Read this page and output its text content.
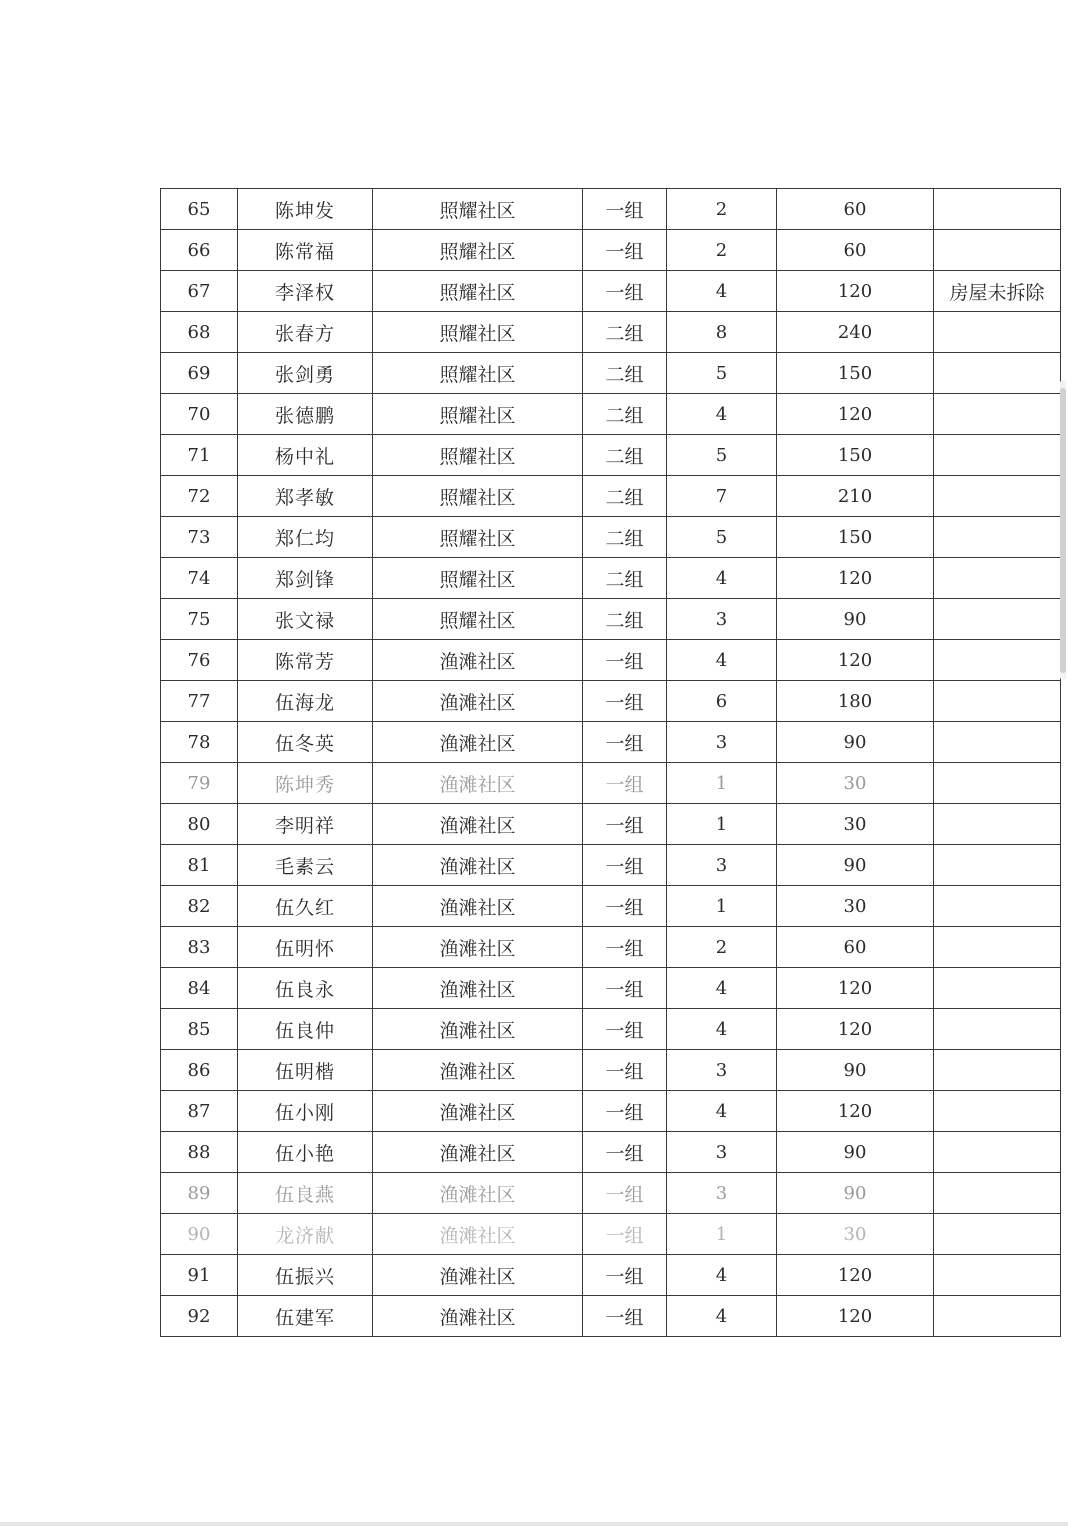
65	陈坤发	照耀社区	一组	2	60	
66	陈常福	照耀社区	一组	2	60	
67	李泽权	照耀社区	一组	4	120	房屋未拆除
68	张春方	照耀社区	二组	8	240	
69	张剑勇	照耀社区	二组	5	150	
70	张德鹏	照耀社区	二组	4	120	
71	杨中礼	照耀社区	二组	5	150	
72	郑孝敏	照耀社区	二组	7	210	
73	郑仁均	照耀社区	二组	5	150	
74	郑剑锋	照耀社区	二组	4	120	
75	张文禄	照耀社区	二组	3	90	
76	陈常芳	渔滩社区	一组	4	120	
77	伍海龙	渔滩社区	一组	6	180	
78	伍冬英	渔滩社区	一组	3	90	
79	陈坤秀	渔滩社区	一组	1	30	
80	李明祥	渔滩社区	一组	1	30	
81	毛素云	渔滩社区	一组	3	90	
82	伍久红	渔滩社区	一组	1	30	
83	伍明怀	渔滩社区	一组	2	60	
84	伍良永	渔滩社区	一组	4	120	
85	伍良仲	渔滩社区	一组	4	120	
86	伍明楷	渔滩社区	一组	3	90	
87	伍小刚	渔滩社区	一组	4	120	
88	伍小艳	渔滩社区	一组	3	90	
89	伍良燕	渔滩社区	一组	3	90	
90	龙济献	渔滩社区	一组	1	30	
91	伍振兴	渔滩社区	一组	4	120	
92	伍建军	渔滩社区	一组	4	120	
